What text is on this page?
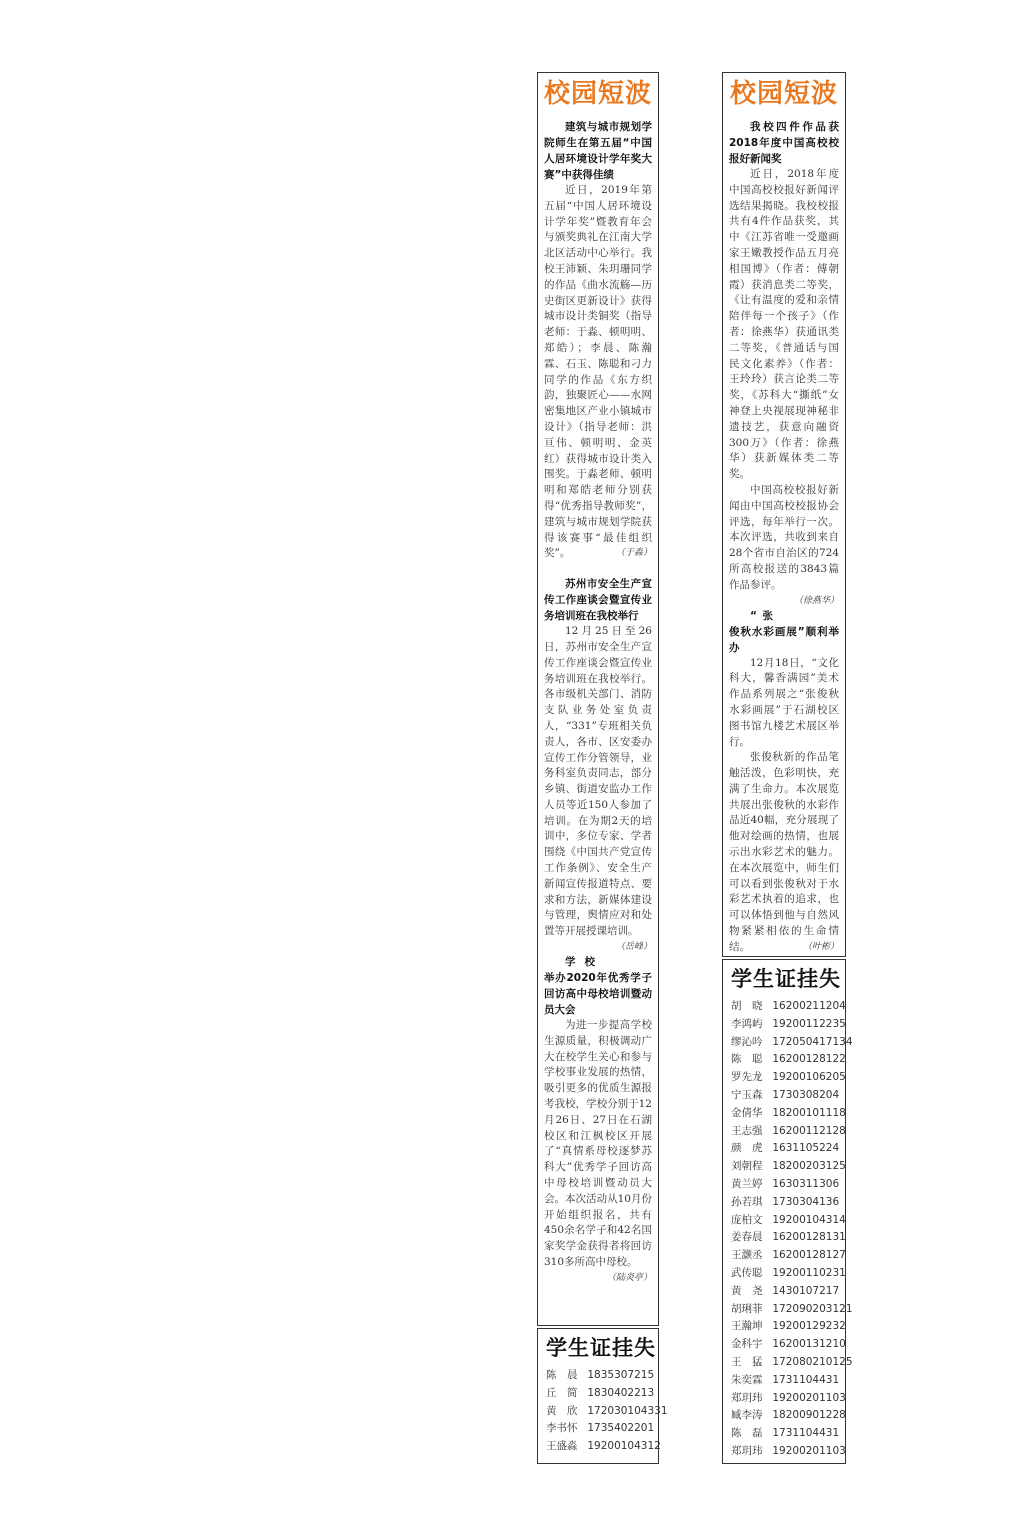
校园短波

建筑与城市规划学院师生在第五届“中国人居环境设计学年奖大赛”中获得佳绩

近日，2019年第五届“中国人居环境设计学年奖”暨教育年会与颁奖典礼在江南大学北区活动中心举行。我校王沛颖、朱玥珊同学的作品《曲水流觞—历史街区更新设计》获得城市设计类铜奖（指导老师：于淼、顿明明、郑皓）；李晨、陈瀚霖、石玉、陈聪和刁力同学的作品《东方织韵，独聚匠心——水网密集地区产业小镇城市设计》（指导老师：洪亘伟、顿明明、金英红）获得城市设计类入围奖。于淼老师、顿明明和郑皓老师分别获得“优秀指导教师奖”，建筑与城市规划学院获得该赛事“最佳组织奖”。	（于淼）

苏州市安全生产宣传工作座谈会暨宣传业务培训班在我校举行

12月25日至26日，苏州市安全生产宣传工作座谈会暨宣传业务培训班在我校举行。各市级机关部门、消防支队业务处室负责人，“331”专班相关负责人，各市、区安委办宣传工作分管领导，业务科室负责同志，部分乡镇、街道安监办工作人员等近150人参加了培训。在为期2天的培训中，多位专家、学者围绕《中国共产党宣传工作条例》、安全生产新闻宣传报道特点、要求和方法，新媒体建设与管理，舆情应对和处置等开展授课培训。
（岳峰）

学校举办2020年优秀学子回访高中母校培训暨动员大会

为进一步提高学校生源质量，积极调动广大在校学生关心和参与学校事业发展的热情，吸引更多的优质生源报考我校，学校分别于12月26日、27日在石湖校区和江枫校区开展了“真情系母校逐梦苏科大”优秀学子回访高中母校培训暨动员大会。本次活动从10月份开始组织报名，共有450余名学子和42名国家奖学金获得者将回访310多所高中母校。
（陆炎亭）

学生证挂失
陈　晨 1835307215
丘　简 1830402213
黄　欣 172030104331
李书怀 1735402201
王盛淼 19200104312
校园短波

我校四件作品获2018年度中国高校校报好新闻奖

近日，2018年度中国高校校报好新闻评选结果揭晓。我校校报共有4件作品获奖，其中《江苏省唯一受邀画家王嫩教授作品五月亮相国博》（作者：傅朝霞）获消息类二等奖，《让有温度的爱和亲情陪伴每一个孩子》（作者：徐燕华）获通讯类二等奖，《普通话与国民文化素养》（作者：王玲玲）获言论类二等奖，《苏科大“撕纸”女神登上央视展现神秘非遗技艺，获意向融资300万》（作者：徐燕华）获新媒体类二等奖。

中国高校校报好新闻由中国高校校报协会评选，每年举行一次。本次评选，共收到来自28个省市自治区的724所高校报送的3843篇作品参评。
（徐燕华）

“张俊秋水彩画展”顺利举办

12月18日，“文化科大，馨香满园”美术作品系列展之“张俊秋水彩画展”于石湖校区图书馆九楼艺术展区举行。

张俊秋新的作品笔触活泼，色彩明快，充满了生命力。本次展览共展出张俊秋的水彩作品近40幅，充分展现了他对绘画的热情，也展示出水彩艺术的魅力。在本次展览中，师生们可以看到张俊秋对于水彩艺术执着的追求，也可以体悟到他与自然风物紧紧相依的生命情结。	（叶彬）

学生证挂失
胡　晓 16200211204
李鸿屿 19200112235
缪沁吟 172050417134
陈　聪 16200128122
罗先龙 19200106205
宁玉森 1730308204
金倩华 18200101118
王志强 16200112128
颜　虎 1631105224
刘朝程 18200203125
黄兰婷 1630311306
孙若琪 1730304136
庞柏文 19200104314
姜春晨 16200128131
王灏丞 16200128127
武传聪 19200110231
黄　尧 1430107217
胡琍菲 172090203121
王瀚坤 19200129232
金科宇 16200131210
王　猛 172080210125
朱奕霖 1731104431
郑玥玮 19200201103
臧李涛 18200901228
陈　磊 1731104431
郑玥玮 19200201103
